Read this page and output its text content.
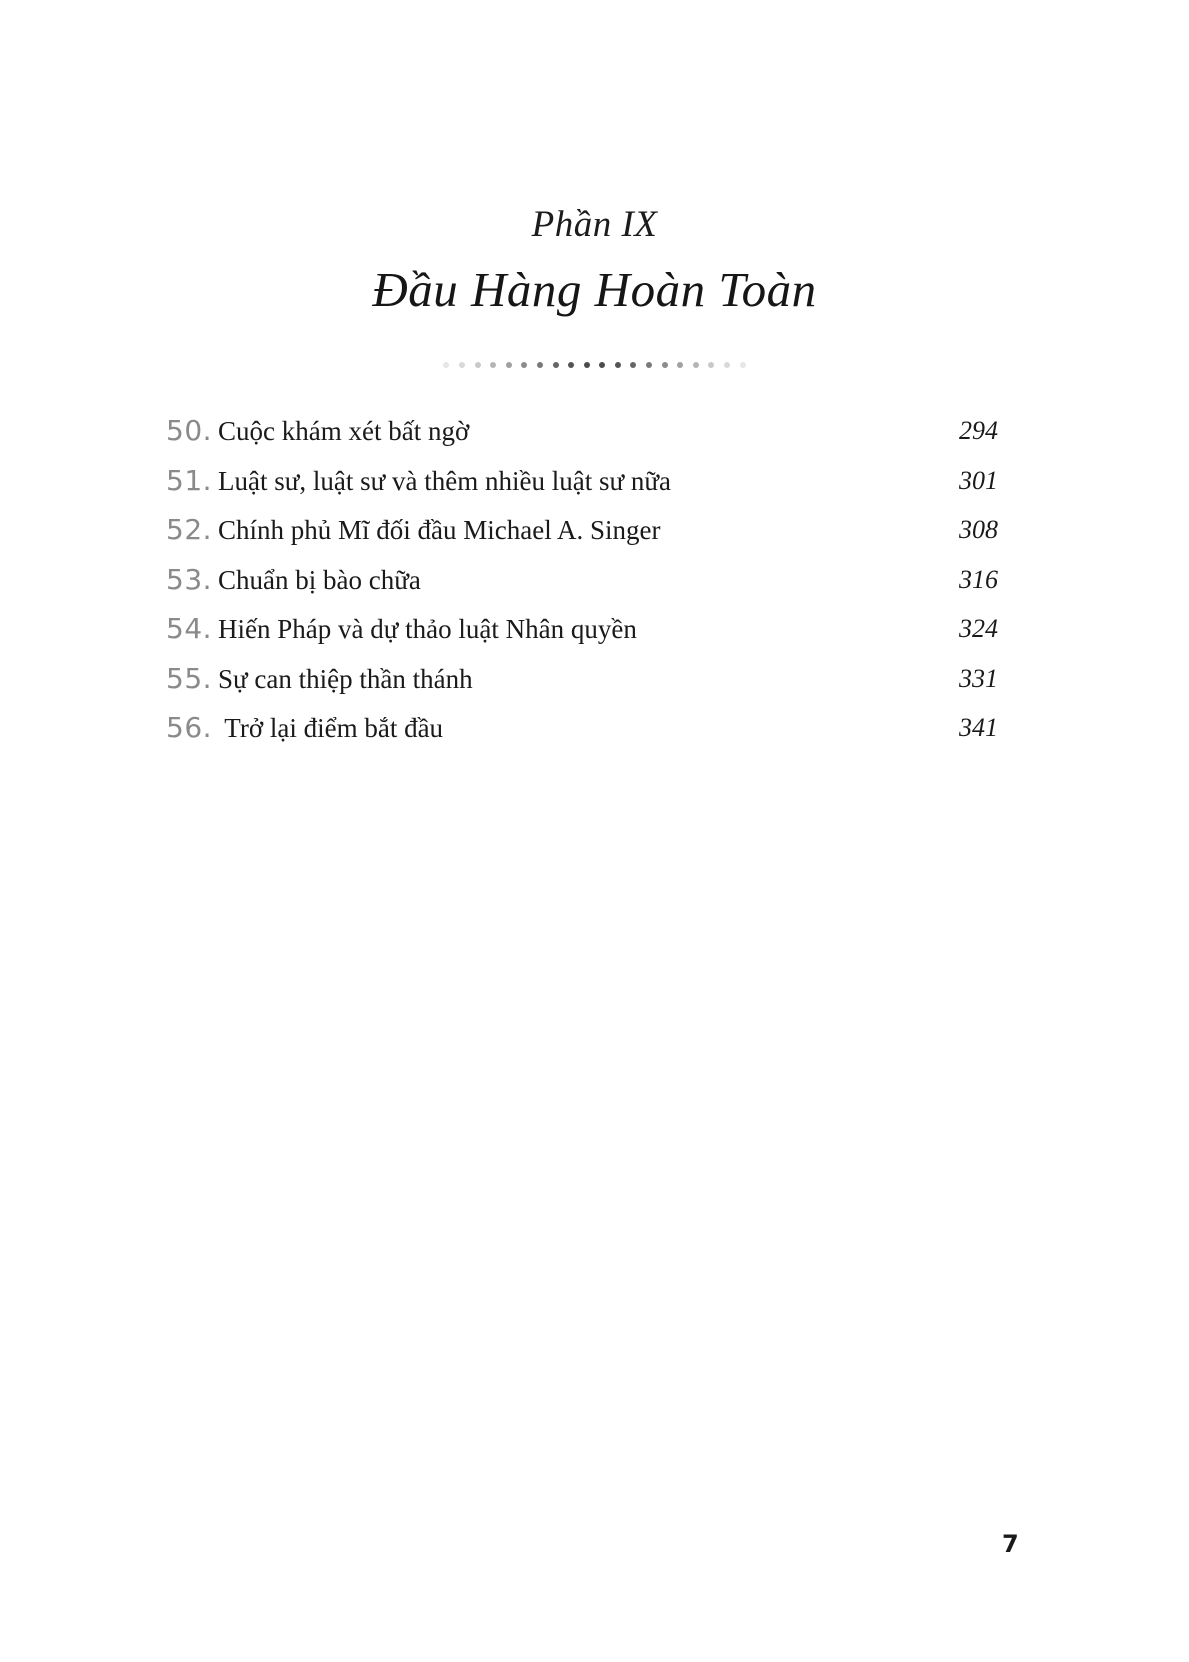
Phần IX
Đầu Hàng Hoàn Toàn
50. Cuộc khám xét bất ngờ	294
51. Luật sư, luật sư và thêm nhiều luật sư nữa	301
52. Chính phủ Mĩ đối đầu Michael A. Singer	308
53. Chuẩn bị bào chữa	316
54. Hiến Pháp và dự thảo luật Nhân quyền	324
55. Sự can thiệp thần thánh	331
56. Trở lại điểm bắt đầu	341
7
